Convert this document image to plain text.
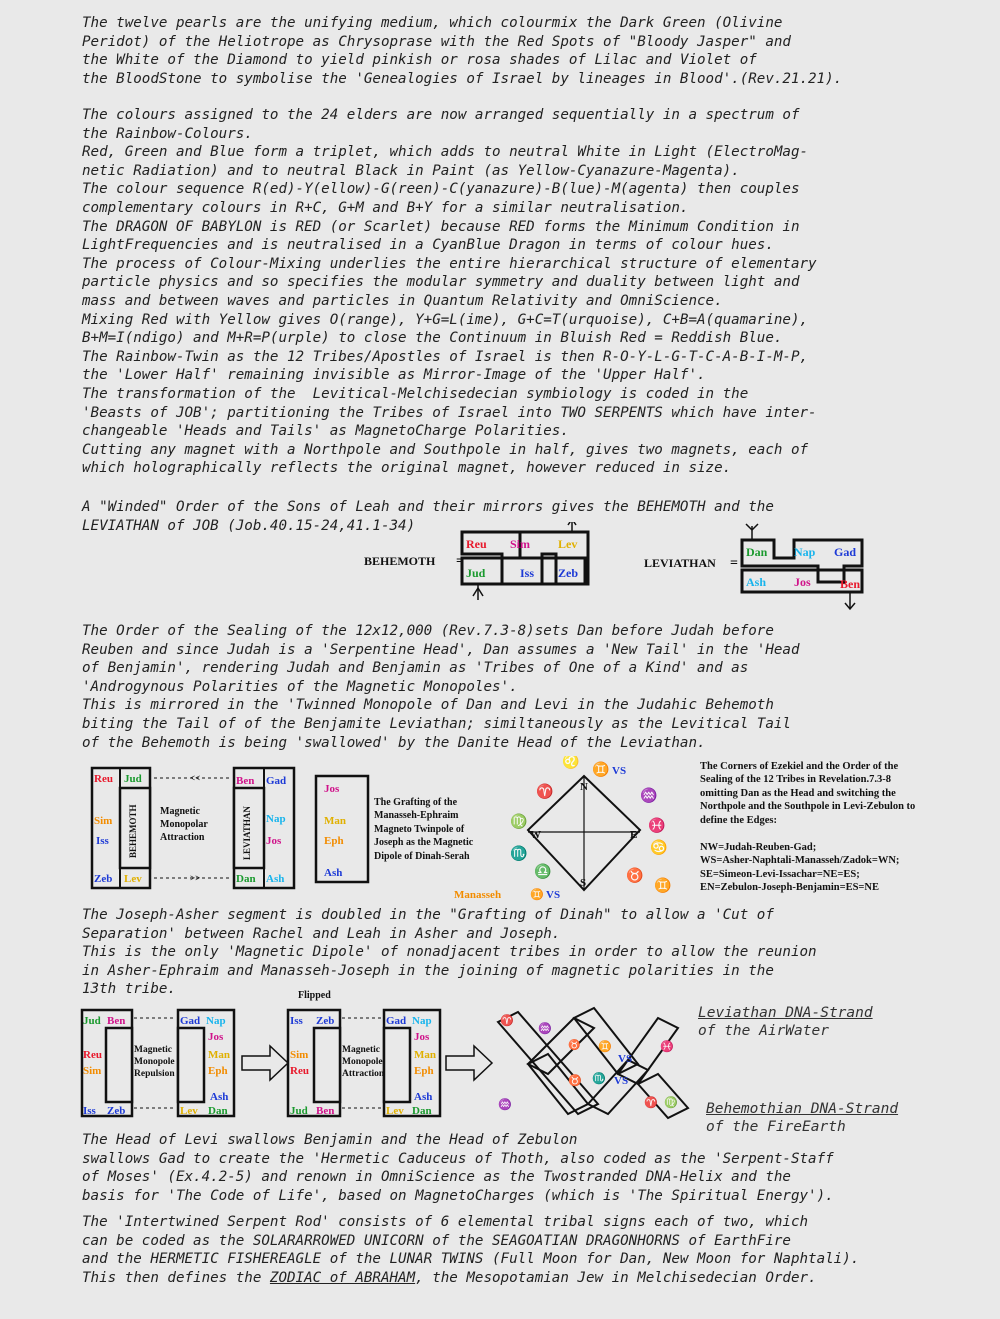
The twelve pearls are the unifying medium, which colourmix the Dark Green (Olivine
Peridot) of the Heliotrope as Chrysoprase with the Red Spots of "Bloody Jasper" and
the White of the Diamond to yield pinkish or rosa shades of Lilac and Violet of
the BloodStone to symbolise the 'Genealogies of Israel by lineages in Blood'.(Rev.21.21).
The colours assigned to the 24 elders are now arranged sequentially in a spectrum of
the Rainbow-Colours.
Red, Green and Blue form a triplet, which adds to neutral White in Light (ElectroMag-
netic Radiation) and to neutral Black in Paint (as Yellow-Cyanazure-Magenta).
The colour sequence R(ed)-Y(ellow)-G(reen)-C(yanazure)-B(lue)-M(agenta) then couples
complementary colours in R+C, G+M and B+Y for a similar neutralisation.
The DRAGON OF BABYLON is RED (or Scarlet) because RED forms the Minimum Condition in
LightFrequencies and is neutralised in a CyanBlue Dragon in terms of colour hues.
The process of Colour-Mixing underlies the entire hierarchical structure of elementary
particle physics and so specifies the modular symmetry and duality between light and
mass and between waves and particles in Quantum Relativity and OmniScience.
Mixing Red with Yellow gives O(range), Y+G=L(ime), G+C=T(urquoise), C+B=A(quamarine),
B+M=I(ndigo) and M+R=P(urple) to close the Continuum in Bluish Red = Reddish Blue.
The Rainbow-Twin as the 12 Tribes/Apostles of Israel is then R-O-Y-L-G-T-C-A-B-I-M-P,
the 'Lower Half' remaining invisible as Mirror-Image of the 'Upper Half'.
The transformation of the  Levitical-Melchisedecian symbiology is coded in the
'Beasts of JOB'; partitioning the Tribes of Israel into TWO SERPENTS which have inter-
changeable 'Heads and Tails' as MagnetoCharge Polarities.
Cutting any magnet with a Northpole and Southpole in half, gives two magnets, each of
which holographically reflects the original magnet, however reduced in size.
A "Winded" Order of the Sons of Leah and their mirrors gives the BEHEMOTH and the
LEVIATHAN of JOB (Job.40.15-24,41.1-34)
BEHEMOTH =
Reu Sim Lev
Jud	Iss Zeb
LEVIATHAN =
Dan Nap Gad
Ash Jos Ben
The Order of the Sealing of the 12x12,000 (Rev.7.3-8)sets Dan before Judah before
Reuben and since Judah is a 'Serpentine Head', Dan assumes a 'New Tail' in the 'Head
of Benjamin', rendering Judah and Benjamin as 'Tribes of One of a Kind' and as
'Androgynous Polarities of the Magnetic Monopoles'.
This is mirrored in the 'Twinned Monopole of Dan and Levi in the Judahic Behemoth
biting the Tail of of the Benjamite Leviathan; similtaneously as the Levitical Tail
of the Behemoth is being 'swallowed' by the Danite Head of the Leviathan.
Reu Jud
Sim
Iss
Zeb Lev
BEHEMOTH
Ben Gad
Nap
Jos
Dan Ash
LEVIATHAN
<<
>>
Magnetic
Monopolar
Attraction
Jos
Man
Eph
Ash
The Grafting of the
Manasseh-Ephraim
Magneto Twinpole of
Joseph as the Magnetic
Dipole of Dinah-Serah
N
W	E
S
VS
♊
♌
♈
♍
♏
♎
♒
♓
♋
♉
♊
Manasseh	♊ VS
The Corners of Ezekiel and the Order of the
Sealing of the 12 Tribes in Revelation.7.3-8
omitting Dan as the Head and switching the
Northpole and the Southpole in Levi-Zebulon to
define the Edges:
NW=Judah-Reuben-Gad;
WS=Asher-Naphtali-Manasseh/Zadok=WN;
SE=Simeon-Levi-Issachar=NE=ES;
EN=Zebulon-Joseph-Benjamin=ES=NE
The Joseph-Asher segment is doubled in the "Grafting of Dinah" to allow a 'Cut of
Separation' between Rachel and Leah in Asher and Joseph.
This is the only 'Magnetic Dipole' of nonadjacent tribes in order to allow the reunion
in Asher-Ephraim and Manasseh-Joseph in the joining of magnetic polarities in the
13th tribe.
Jud Ben	Gad Nap
Reu
Sim
Jos
Man
Eph
Iss Zeb	Lev Dan
Ash
Magnetic
Monopole
Repulsion
Flipped
Iss Zeb	Gad Nap
Sim
Reu
Jos
Man
Eph
Jud Ben	Lev Dan
Ash
Magnetic
Monopole
Attraction
♈
♒
♉ ♊
VS
♓
♉ ♏ VS
♈
♒	♍
Leviathan DNA-Strand
of the AirWater
Behemothian DNA-Strand
of the FireEarth
The Head of Levi swallows Benjamin and the Head of Zebulon
swallows Gad to create the 'Hermetic Caduceus of Thoth, also coded as the 'Serpent-Staff
of Moses' (Ex.4.2-5) and renown in OmniScience as the Twostranded DNA-Helix and the
basis for 'The Code of Life', based on MagnetoCharges (which is 'The Spiritual Energy').
The 'Intertwined Serpent Rod' consists of 6 elemental tribal signs each of two, which
can be coded as the SOLARARROWED UNICORN of the SEAGOATIAN DRAGONHORNS of EarthFire
and the HERMETIC FISHEREAGLE of the LUNAR TWINS (Full Moon for Dan, New Moon for Naphtali).
This then defines the ZODIAC of ABRAHAM, the Mesopotamian Jew in Melchisedecian Order.
